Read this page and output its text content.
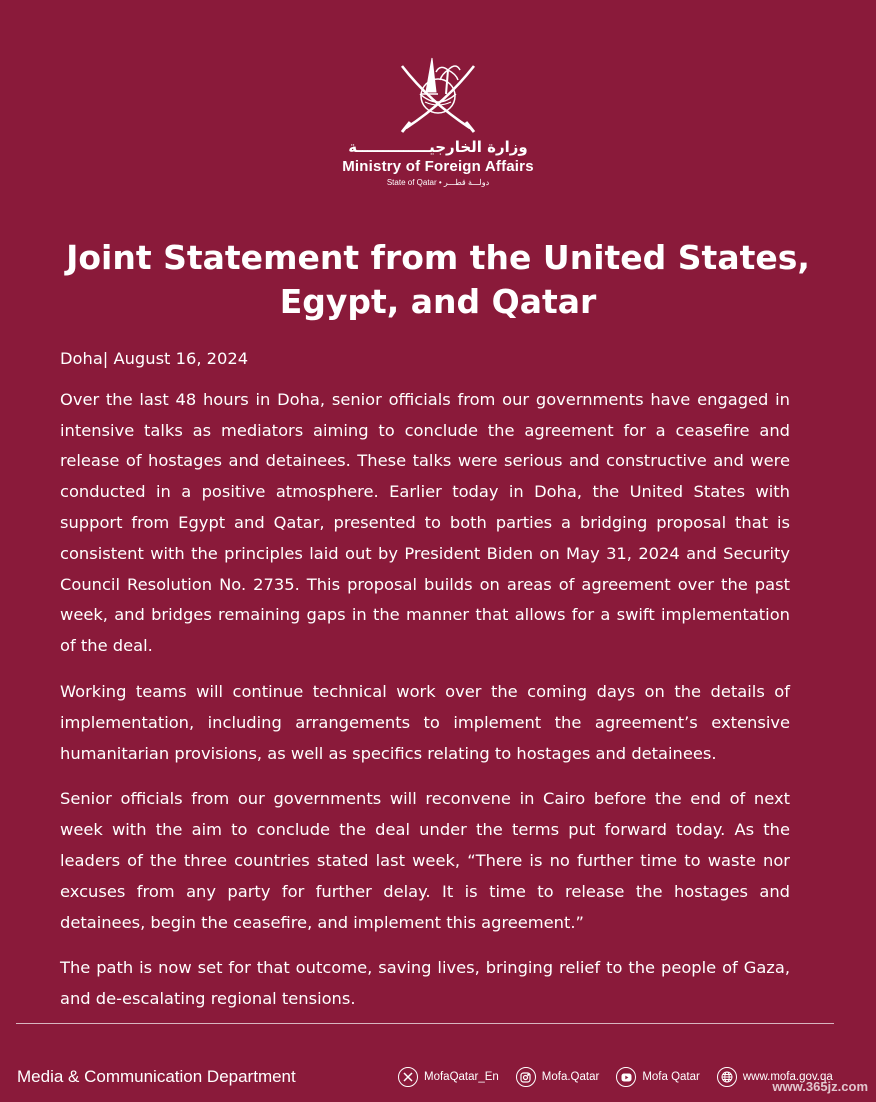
وزارة الخارجيــــــــــــــة
Ministry of Foreign Affairs
State of Qatar • دولـــة قطـــر
Joint Statement from the United States,
Egypt, and Qatar

Doha| August 16, 2024

Over the last 48 hours in Doha, senior officials from our governments have engaged in intensive talks as mediators aiming to conclude the agreement for a ceasefire and release of hostages and detainees. These talks were serious and constructive and were conducted in a positive atmosphere. Earlier today in Doha, the United States with support from Egypt and Qatar, presented to both parties a bridging proposal that is consistent with the principles laid out by President Biden on May 31, 2024 and Security Council Resolution No. 2735. This proposal builds on areas of agreement over the past week, and bridges remaining gaps in the manner that allows for a swift implementation of the deal.

Working teams will continue technical work over the coming days on the details of implementation, including arrangements to implement the agreement’s extensive humanitarian provisions, as well as specifics relating to hostages and detainees.

Senior officials from our governments will reconvene in Cairo before the end of next week with the aim to conclude the deal under the terms put forward today. As the leaders of the three countries stated last week, “There is no further time to waste nor excuses from any party for further delay. It is time to release the hostages and detainees, begin the ceasefire, and implement this agreement.”

The path is now set for that outcome, saving lives, bringing relief to the people of Gaza, and de-escalating regional tensions.

Media & Communication Department	MofaQatar_En	Mofa.Qatar	Mofa Qatar	www.mofa.gov.qa
www.365jz.com
